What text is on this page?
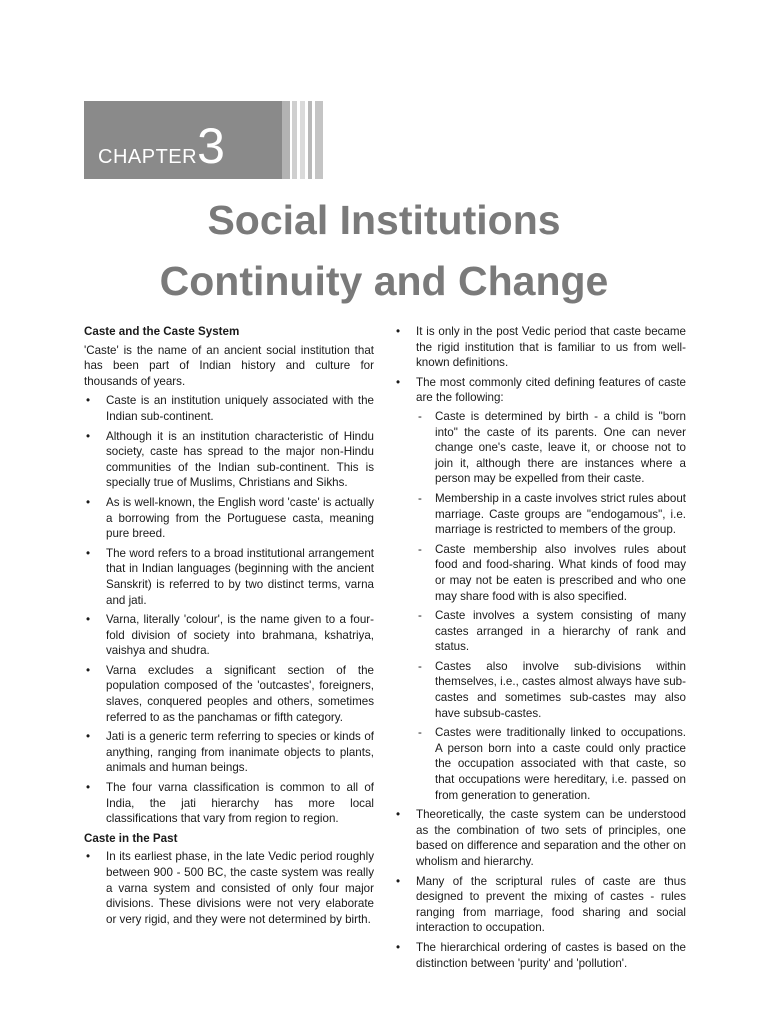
CHAPTER3
Social Institutions
Continuity and Change
Caste and the Caste System
'Caste' is the name of an ancient social institution that has been part of Indian history and culture for thousands of years.
• Caste is an institution uniquely associated with the Indian sub-continent.
• Although it is an institution characteristic of Hindu society, caste has spread to the major non-Hindu communities of the Indian sub-continent. This is specially true of Muslims, Christians and Sikhs.
• As is well-known, the English word 'caste' is actually a borrowing from the Portuguese casta, meaning pure breed.
• The word refers to a broad institutional arrangement that in Indian languages (beginning with the ancient Sanskrit) is referred to by two distinct terms, varna and jati.
• Varna, literally 'colour', is the name given to a four-fold division of society into brahmana, kshatriya, vaishya and shudra.
• Varna excludes a significant section of the population composed of the 'outcastes', foreigners, slaves, conquered peoples and others, sometimes referred to as the panchamas or fifth category.
• Jati is a generic term referring to species or kinds of anything, ranging from inanimate objects to plants, animals and human beings.
• The four varna classification is common to all of India, the jati hierarchy has more local classifications that vary from region to region.
Caste in the Past
• In its earliest phase, in the late Vedic period roughly between 900 - 500 BC, the caste system was really a varna system and consisted of only four major divisions. These divisions were not very elaborate or very rigid, and they were not determined by birth.
• It is only in the post Vedic period that caste became the rigid institution that is familiar to us from well-known definitions.
• The most commonly cited defining features of caste are the following:
- Caste is determined by birth - a child is "born into" the caste of its parents. One can never change one's caste, leave it, or choose not to join it, although there are instances where a person may be expelled from their caste.
- Membership in a caste involves strict rules about marriage. Caste groups are "endogamous", i.e. marriage is restricted to members of the group.
- Caste membership also involves rules about food and food-sharing. What kinds of food may or may not be eaten is prescribed and who one may share food with is also specified.
- Caste involves a system consisting of many castes arranged in a hierarchy of rank and status.
- Castes also involve sub-divisions within themselves, i.e., castes almost always have sub-castes and sometimes sub-castes may also have subsub-castes.
- Castes were traditionally linked to occupations. A person born into a caste could only practice the occupation associated with that caste, so that occupations were hereditary, i.e. passed on from generation to generation.
• Theoretically, the caste system can be understood as the combination of two sets of principles, one based on difference and separation and the other on wholism and hierarchy.
• Many of the scriptural rules of caste are thus designed to prevent the mixing of castes - rules ranging from marriage, food sharing and social interaction to occupation.
• The hierarchical ordering of castes is based on the distinction between 'purity' and 'pollution'.
